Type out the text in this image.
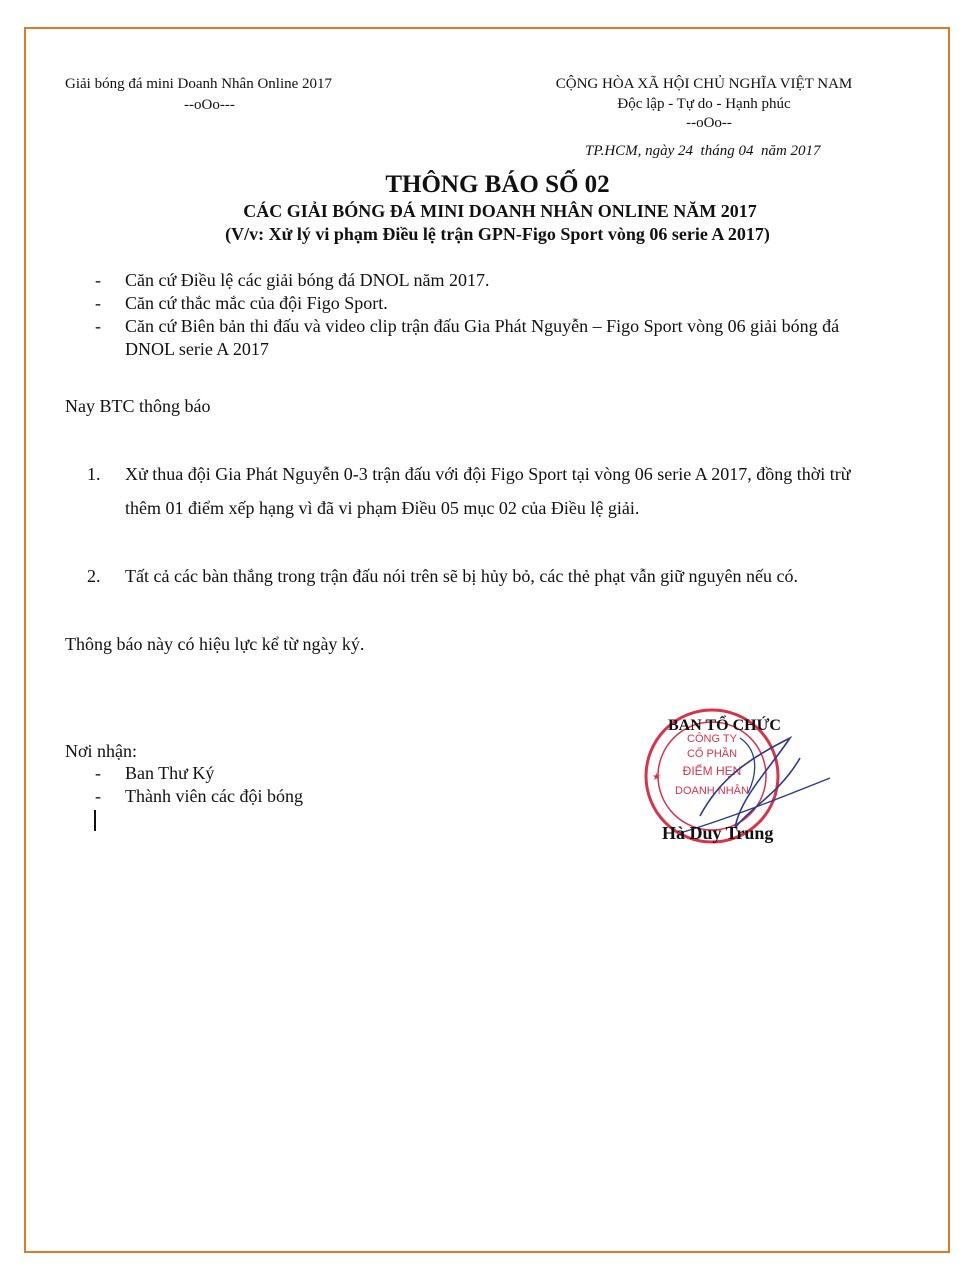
Giải bóng đá mini Doanh Nhân Online 2017
--oOo---
CỘNG HÒA XÃ HỘI CHỦ NGHĨA VIỆT NAM
Độc lập - Tự do - Hạnh phúc
--oOo--
TP.HCM, ngày 24  tháng 04  năm 2017
THÔNG BÁO SỐ 02
CÁC GIẢI BÓNG ĐÁ MINI DOANH NHÂN ONLINE NĂM 2017
(V/v: Xử lý vi phạm Điều lệ trận GPN-Figo Sport vòng 06 serie A 2017)
- Căn cứ Điều lệ các giải bóng đá DNOL năm 2017.
- Căn cứ thắc mắc của đội Figo Sport.
- Căn cứ Biên bản thi đấu và video clip trận đấu Gia Phát Nguyễn – Figo Sport vòng 06 giải bóng đá
DNOL serie A 2017
Nay BTC thông báo
1. Xử thua đội Gia Phát Nguyễn 0-3 trận đấu với đội Figo Sport tại vòng 06 serie A 2017, đồng thời trừ
thêm 01 điểm xếp hạng vì đã vi phạm Điều 05 mục 02 của Điều lệ giải.
2. Tất cả các bàn thắng trong trận đấu nói trên sẽ bị hủy bỏ, các thẻ phạt vẫn giữ nguyên nếu có.
Thông báo này có hiệu lực kể từ ngày ký.
Nơi nhận:
- Ban Thư Ký
- Thành viên các đội bóng
CÔNG TY
CỔ PHẦN
ĐIỂM HẸN
DOANH NHÂN
★
BAN TỔ CHỨC
Hà Duy Trung
